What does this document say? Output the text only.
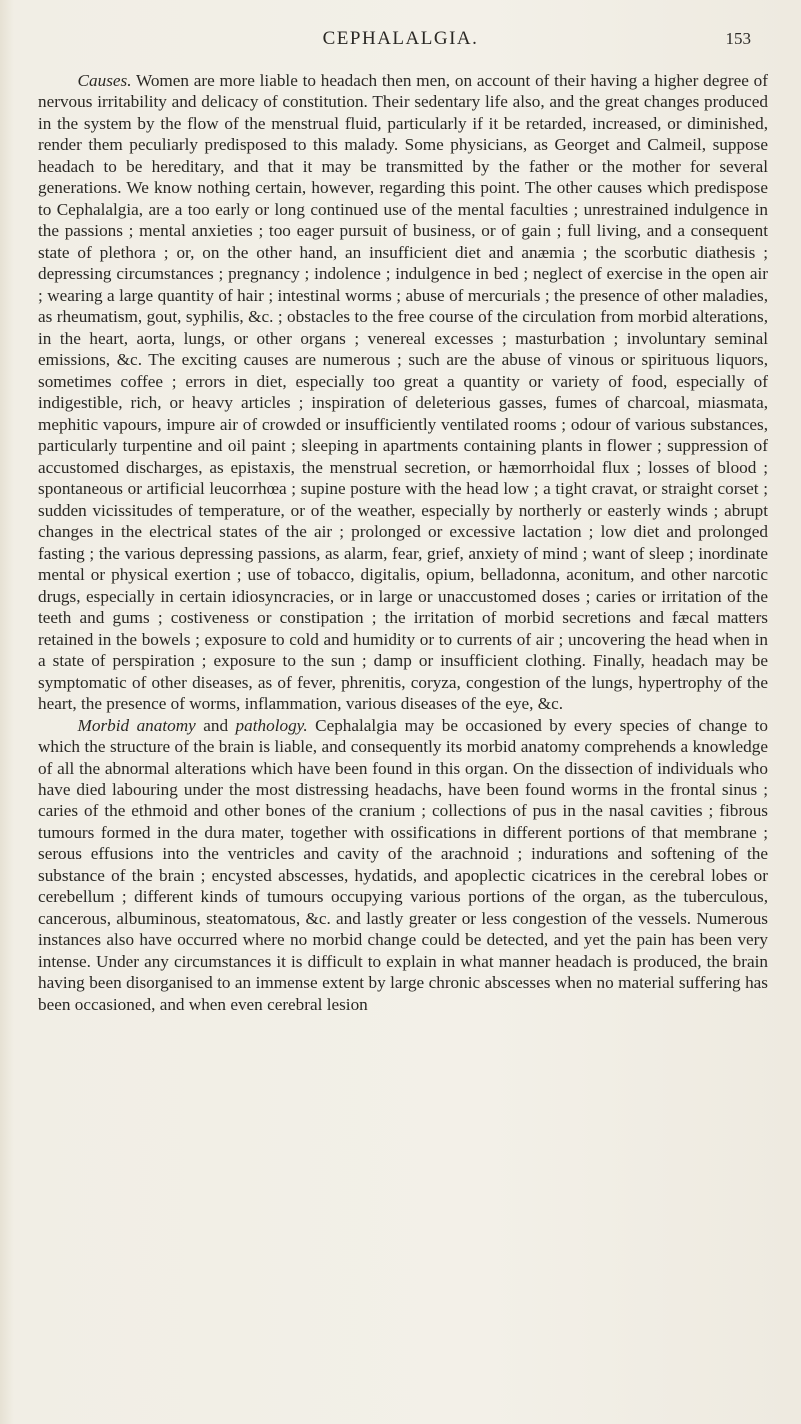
CEPHALALGIA.	153

Causes. Women are more liable to headach then men, on account of their having a higher degree of nervous irritability and delicacy of constitution. Their sedentary life also, and the great changes produced in the system by the flow of the menstrual fluid, particularly if it be retarded, increased, or diminished, render them peculiarly predisposed to this malady. Some physicians, as Georget and Calmeil, suppose headach to be hereditary, and that it may be transmitted by the father or the mother for several generations. We know nothing certain, however, regarding this point. The other causes which predispose to Cephalalgia, are a too early or long continued use of the mental faculties ; unrestrained indulgence in the passions ; mental anxieties ; too eager pursuit of business, or of gain ; full living, and a consequent state of plethora ; or, on the other hand, an insufficient diet and anæmia ; the scorbutic diathesis ; depressing circumstances ; pregnancy ; indolence ; indulgence in bed ; neglect of exercise in the open air ; wearing a large quantity of hair ; intestinal worms ; abuse of mercurials ; the presence of other maladies, as rheumatism, gout, syphilis, &c. ; obstacles to the free course of the circulation from morbid alterations, in the heart, aorta, lungs, or other organs ; venereal excesses ; masturbation ; involuntary seminal emissions, &c. The exciting causes are numerous ; such are the abuse of vinous or spirituous liquors, sometimes coffee ; errors in diet, especially too great a quantity or variety of food, especially of indigestible, rich, or heavy articles ; inspiration of deleterious gasses, fumes of charcoal, miasmata, mephitic vapours, impure air of crowded or insufficiently ventilated rooms ; odour of various substances, particularly turpentine and oil paint ; sleeping in apartments containing plants in flower ; suppression of accustomed discharges, as epistaxis, the menstrual secretion, or hæmorrhoidal flux ; losses of blood ; spontaneous or artificial leucorrhœa ; supine posture with the head low ; a tight cravat, or straight corset ; sudden vicissitudes of temperature, or of the weather, especially by northerly or easterly winds ; abrupt changes in the electrical states of the air ; prolonged or excessive lactation ; low diet and prolonged fasting ; the various depressing passions, as alarm, fear, grief, anxiety of mind ; want of sleep ; inordinate mental or physical exertion ; use of tobacco, digitalis, opium, belladonna, aconitum, and other narcotic drugs, especially in certain idiosyncracies, or in large or unaccustomed doses ; caries or irritation of the teeth and gums ; costiveness or constipation ; the irritation of morbid secretions and fæcal matters retained in the bowels ; exposure to cold and humidity or to currents of air ; uncovering the head when in a state of perspiration ; exposure to the sun ; damp or insufficient clothing. Finally, headach may be symptomatic of other diseases, as of fever, phrenitis, coryza, congestion of the lungs, hypertrophy of the heart, the presence of worms, inflammation, various diseases of the eye, &c.

Morbid anatomy and pathology. Cephalalgia may be occasioned by every species of change to which the structure of the brain is liable, and consequently its morbid anatomy comprehends a knowledge of all the abnormal alterations which have been found in this organ. On the dissection of individuals who have died labouring under the most distressing headachs, have been found worms in the frontal sinus ; caries of the ethmoid and other bones of the cranium ; collections of pus in the nasal cavities ; fibrous tumours formed in the dura mater, together with ossifications in different portions of that membrane ; serous effusions into the ventricles and cavity of the arachnoid ; indurations and softening of the substance of the brain ; encysted abscesses, hydatids, and apoplectic cicatrices in the cerebral lobes or cerebellum ; different kinds of tumours occupying various portions of the organ, as the tuberculous, cancerous, albuminous, steatomatous, &c. and lastly greater or less congestion of the vessels. Numerous instances also have occurred where no morbid change could be detected, and yet the pain has been very intense. Under any circumstances it is difficult to explain in what manner headach is produced, the brain having been disorganised to an immense extent by large chronic abscesses when no material suffering has been occasioned, and when even cerebral lesion
